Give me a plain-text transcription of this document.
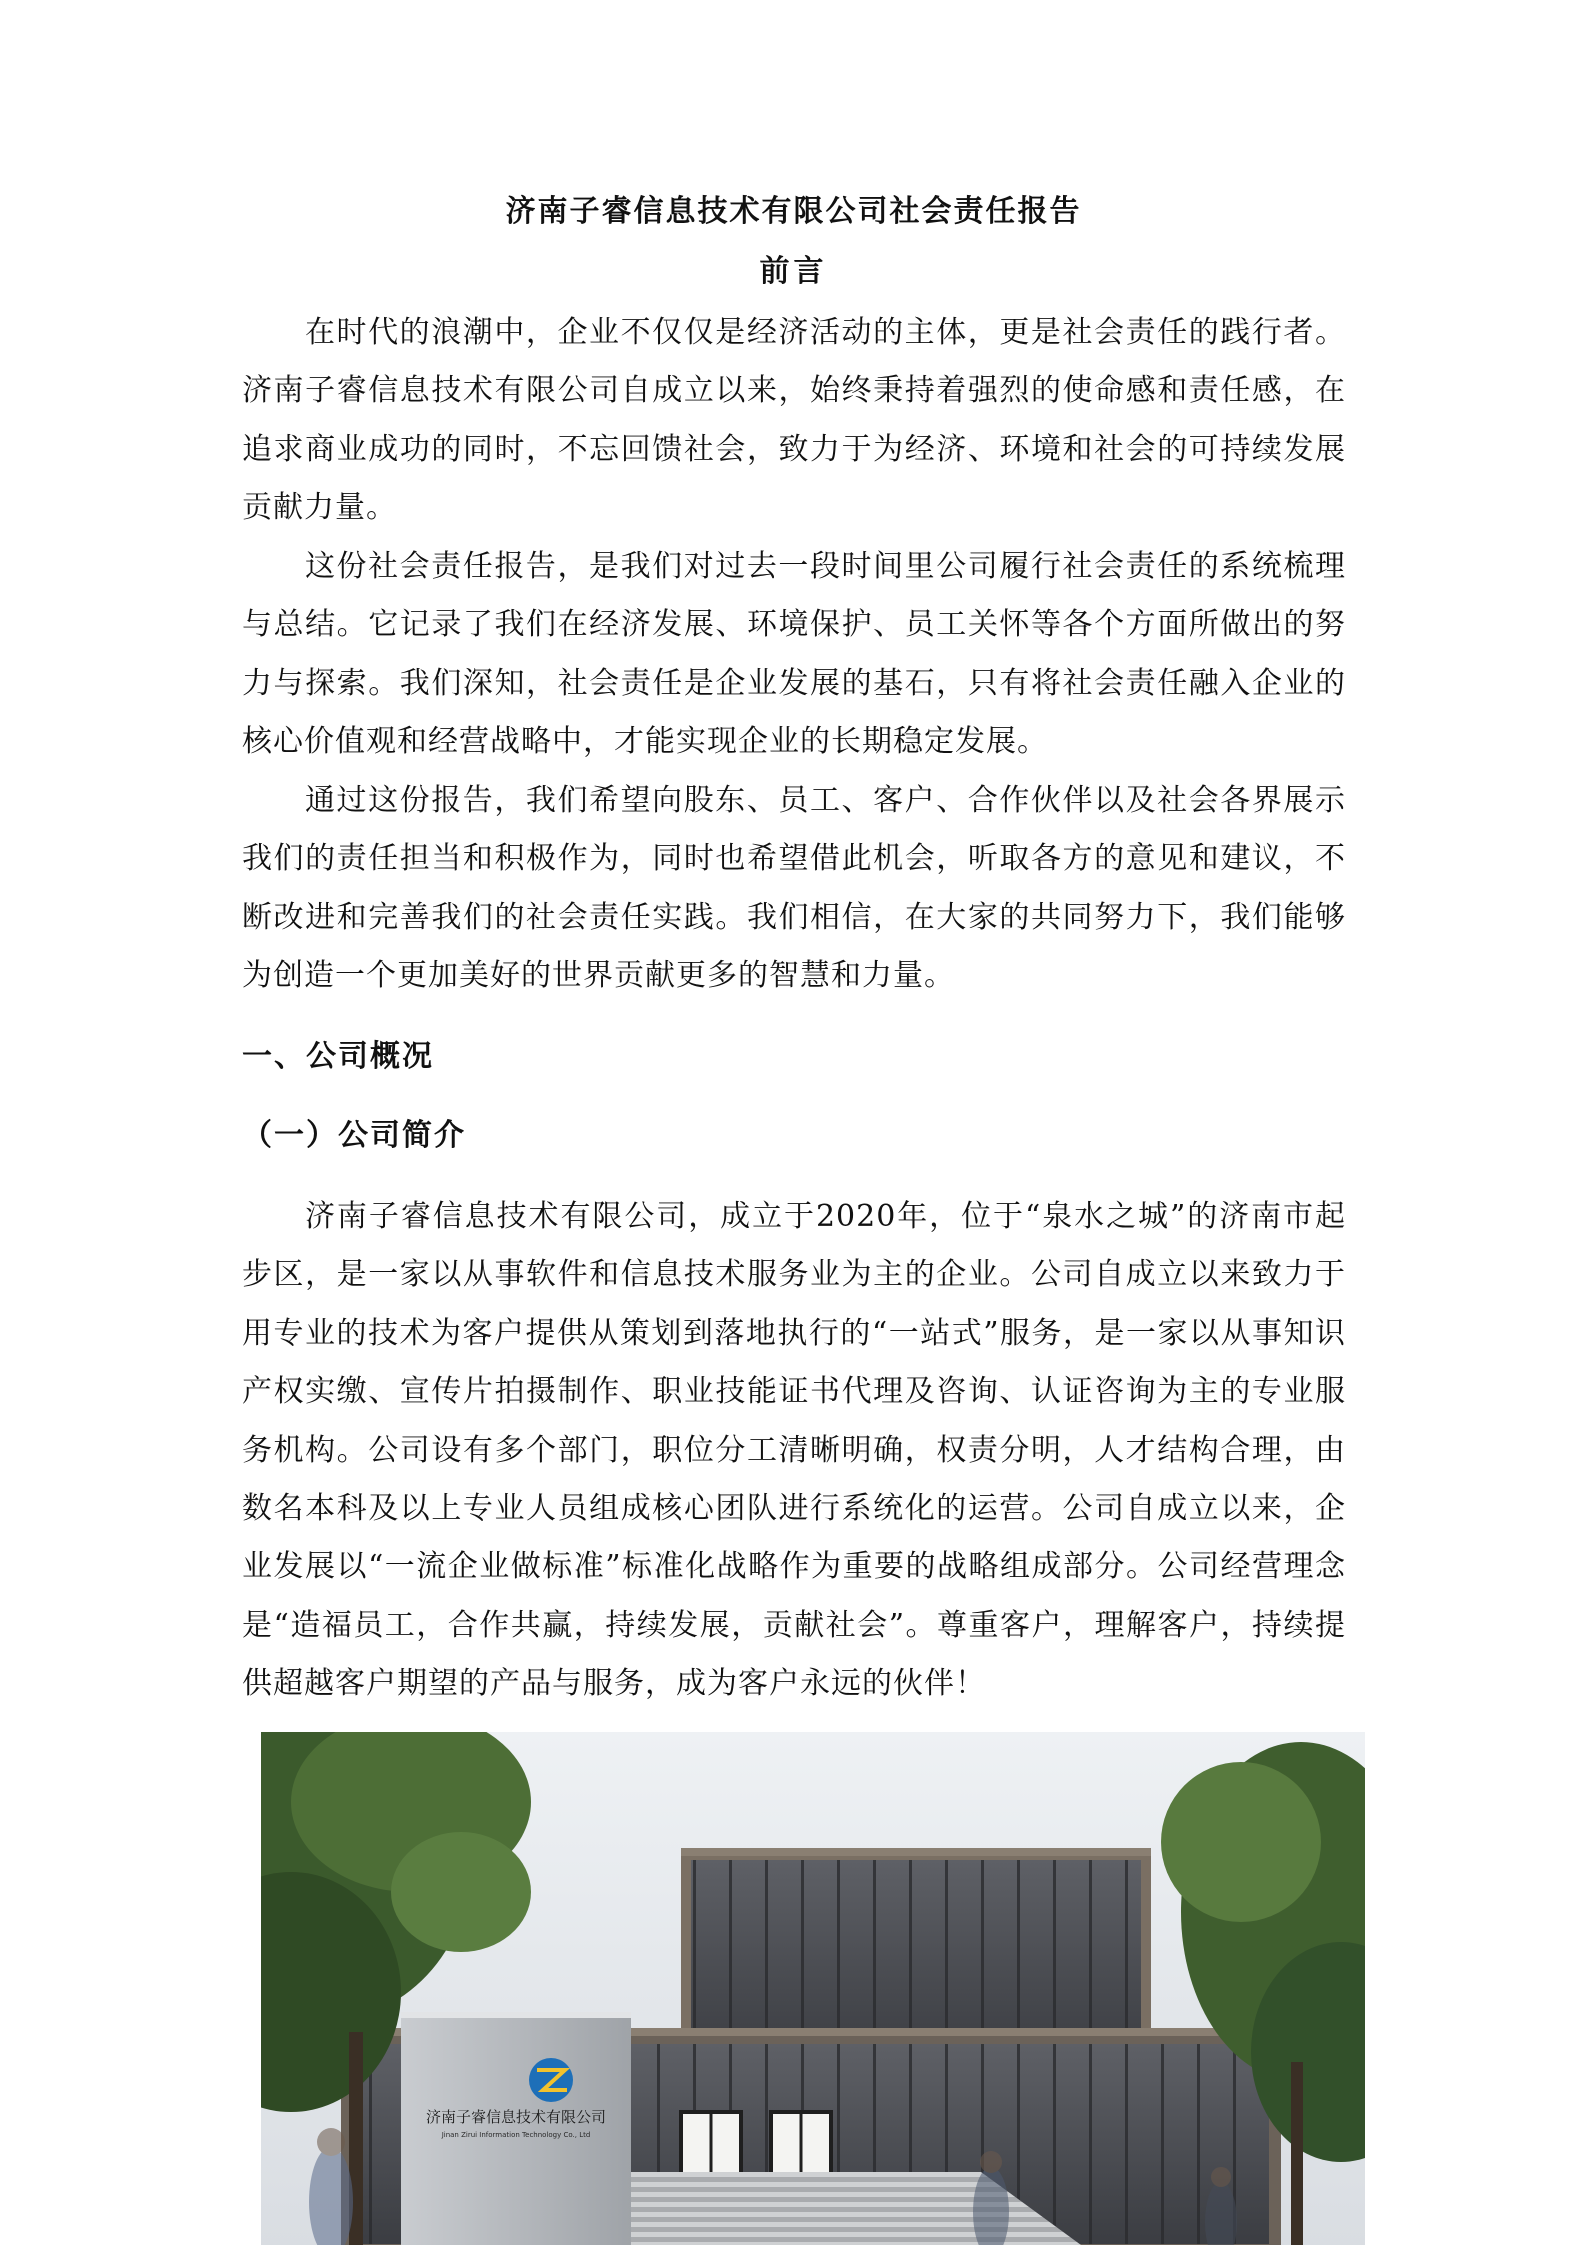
济南子睿信息技术有限公司社会责任报告
前言

在时代的浪潮中，企业不仅仅是经济活动的主体，更是社会责任的践行者。济南子睿信息技术有限公司自成立以来，始终秉持着强烈的使命感和责任感，在追求商业成功的同时，不忘回馈社会，致力于为经济、环境和社会的可持续发展贡献力量。

这份社会责任报告，是我们对过去一段时间里公司履行社会责任的系统梳理与总结。它记录了我们在经济发展、环境保护、员工关怀等各个方面所做出的努力与探索。我们深知，社会责任是企业发展的基石，只有将社会责任融入企业的核心价值观和经营战略中，才能实现企业的长期稳定发展。

通过这份报告，我们希望向股东、员工、客户、合作伙伴以及社会各界展示我们的责任担当和积极作为，同时也希望借此机会，听取各方的意见和建议，不断改进和完善我们的社会责任实践。我们相信，在大家的共同努力下，我们能够为创造一个更加美好的世界贡献更多的智慧和力量。

一、公司概况
（一）公司简介

济南子睿信息技术有限公司，成立于2020年，位于“泉水之城”的济南市起步区，是一家以从事软件和信息技术服务业为主的企业。公司自成立以来致力于用专业的技术为客户提供从策划到落地执行的“一站式”服务，是一家以从事知识产权实缴、宣传片拍摄制作、职业技能证书代理及咨询、认证咨询为主的专业服务机构。公司设有多个部门，职位分工清晰明确，权责分明，人才结构合理，由数名本科及以上专业人员组成核心团队进行系统化的运营。公司自成立以来，企业发展以“一流企业做标准”标准化战略作为重要的战略组成部分。公司经营理念是“造福员工，合作共赢，持续发展，贡献社会”。尊重客户，理解客户，持续提供超越客户期望的产品与服务，成为客户永远的伙伴！

济南子睿信息技术有限公司
Jinan Zirui Information Technology Co., Ltd
